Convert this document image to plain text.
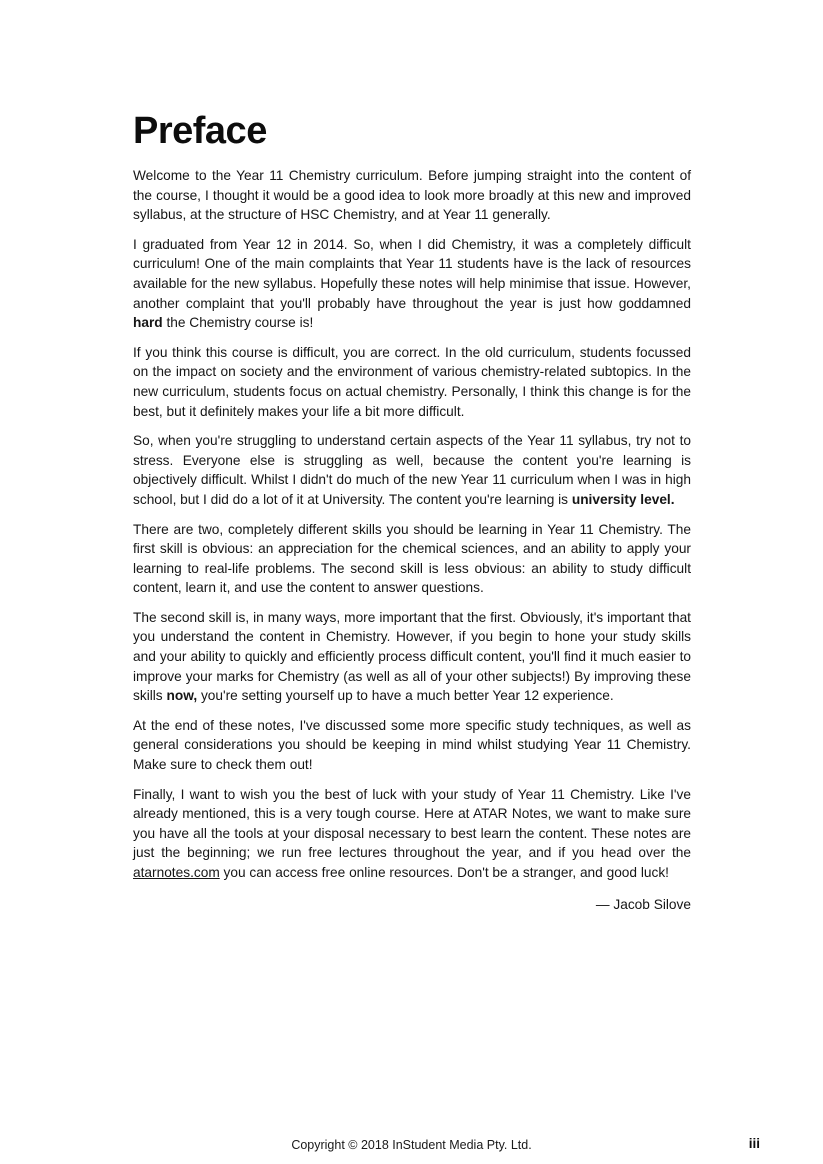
Preface

Welcome to the Year 11 Chemistry curriculum. Before jumping straight into the content of the course, I thought it would be a good idea to look more broadly at this new and improved syllabus, at the structure of HSC Chemistry, and at Year 11 generally.

I graduated from Year 12 in 2014. So, when I did Chemistry, it was a completely difficult curriculum! One of the main complaints that Year 11 students have is the lack of resources available for the new syllabus. Hopefully these notes will help minimise that issue. However, another complaint that you'll probably have throughout the year is just how goddamned hard the Chemistry course is!

If you think this course is difficult, you are correct. In the old curriculum, students focussed on the impact on society and the environment of various chemistry-related subtopics. In the new curriculum, students focus on actual chemistry. Personally, I think this change is for the best, but it definitely makes your life a bit more difficult.

So, when you're struggling to understand certain aspects of the Year 11 syllabus, try not to stress. Everyone else is struggling as well, because the content you're learning is objectively difficult. Whilst I didn't do much of the new Year 11 curriculum when I was in high school, but I did do a lot of it at University. The content you're learning is university level.

There are two, completely different skills you should be learning in Year 11 Chemistry. The first skill is obvious: an appreciation for the chemical sciences, and an ability to apply your learning to real-life problems. The second skill is less obvious: an ability to study difficult content, learn it, and use the content to answer questions.

The second skill is, in many ways, more important that the first. Obviously, it's important that you understand the content in Chemistry. However, if you begin to hone your study skills and your ability to quickly and efficiently process difficult content, you'll find it much easier to improve your marks for Chemistry (as well as all of your other subjects!) By improving these skills now, you're setting yourself up to have a much better Year 12 experience.

At the end of these notes, I've discussed some more specific study techniques, as well as general considerations you should be keeping in mind whilst studying Year 11 Chemistry. Make sure to check them out!

Finally, I want to wish you the best of luck with your study of Year 11 Chemistry. Like I've already mentioned, this is a very tough course. Here at ATAR Notes, we want to make sure you have all the tools at your disposal necessary to best learn the content. These notes are just the beginning; we run free lectures throughout the year, and if you head over the atarnotes.com you can access free online resources. Don't be a stranger, and good luck!

— Jacob Silove
Copyright © 2018 InStudent Media Pty. Ltd.	iii
